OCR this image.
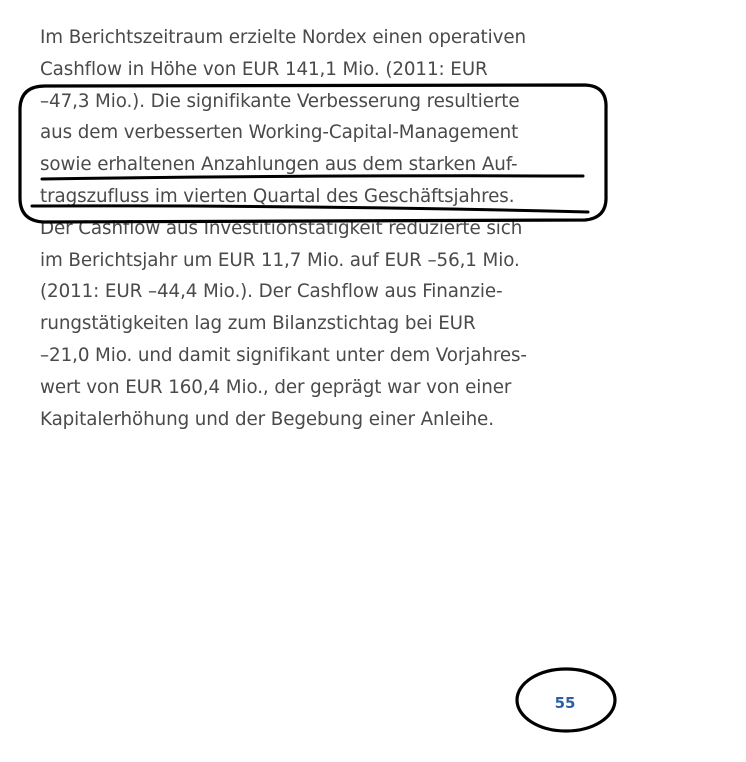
Im Berichtszeitraum erzielte Nordex einen operativen
Cashflow in Höhe von EUR 141,1 Mio. (2011: EUR
–47,3 Mio.). Die signifikante Verbesserung resultierte
aus dem verbesserten Working-Capital-Management
sowie erhaltenen Anzahlungen aus dem starken Auf-
tragszufluss im vierten Quartal des Geschäftsjahres.
Der Cashflow aus Investitionstätigkeit reduzierte sich
im Berichtsjahr um EUR 11,7 Mio. auf EUR –56,1 Mio.
(2011: EUR –44,4 Mio.). Der Cashflow aus Finanzie-
rungstätigkeiten lag zum Bilanzstichtag bei EUR
–21,0 Mio. und damit signifikant unter dem Vorjahres-
wert von EUR 160,4 Mio., der geprägt war von einer
Kapitalerhöhung und der Begebung einer Anleihe.
55
